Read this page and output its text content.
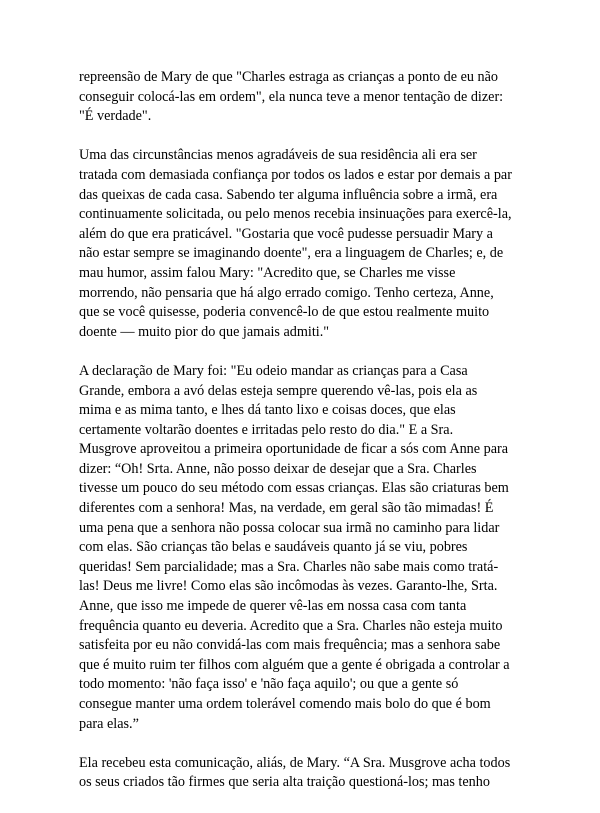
repreensão de Mary de que "Charles estraga as crianças a ponto de eu não
conseguir colocá-las em ordem", ela nunca teve a menor tentação de dizer:
"É verdade".

Uma das circunstâncias menos agradáveis de sua residência ali era ser
tratada com demasiada confiança por todos os lados e estar por demais a par
das queixas de cada casa. Sabendo ter alguma influência sobre a irmã, era
continuamente solicitada, ou pelo menos recebia insinuações para exercê-la,
além do que era praticável. "Gostaria que você pudesse persuadir Mary a
não estar sempre se imaginando doente", era a linguagem de Charles; e, de
mau humor, assim falou Mary: "Acredito que, se Charles me visse
morrendo, não pensaria que há algo errado comigo. Tenho certeza, Anne,
que se você quisesse, poderia convencê-lo de que estou realmente muito
doente — muito pior do que jamais admiti."

A declaração de Mary foi: "Eu odeio mandar as crianças para a Casa
Grande, embora a avó delas esteja sempre querendo vê-las, pois ela as
mima e as mima tanto, e lhes dá tanto lixo e coisas doces, que elas
certamente voltarão doentes e irritadas pelo resto do dia." E a Sra.
Musgrove aproveitou a primeira oportunidade de ficar a sós com Anne para
dizer: “Oh! Srta. Anne, não posso deixar de desejar que a Sra. Charles
tivesse um pouco do seu método com essas crianças. Elas são criaturas bem
diferentes com a senhora! Mas, na verdade, em geral são tão mimadas! É
uma pena que a senhora não possa colocar sua irmã no caminho para lidar
com elas. São crianças tão belas e saudáveis quanto já se viu, pobres
queridas! Sem parcialidade; mas a Sra. Charles não sabe mais como tratá-
las! Deus me livre! Como elas são incômodas às vezes. Garanto-lhe, Srta.
Anne, que isso me impede de querer vê-las em nossa casa com tanta
frequência quanto eu deveria. Acredito que a Sra. Charles não esteja muito
satisfeita por eu não convidá-las com mais frequência; mas a senhora sabe
que é muito ruim ter filhos com alguém que a gente é obrigada a controlar a
todo momento: 'não faça isso' e 'não faça aquilo'; ou que a gente só
consegue manter uma ordem tolerável comendo mais bolo do que é bom
para elas.”

Ela recebeu esta comunicação, aliás, de Mary. “A Sra. Musgrove acha todos
os seus criados tão firmes que seria alta traição questioná-los; mas tenho
